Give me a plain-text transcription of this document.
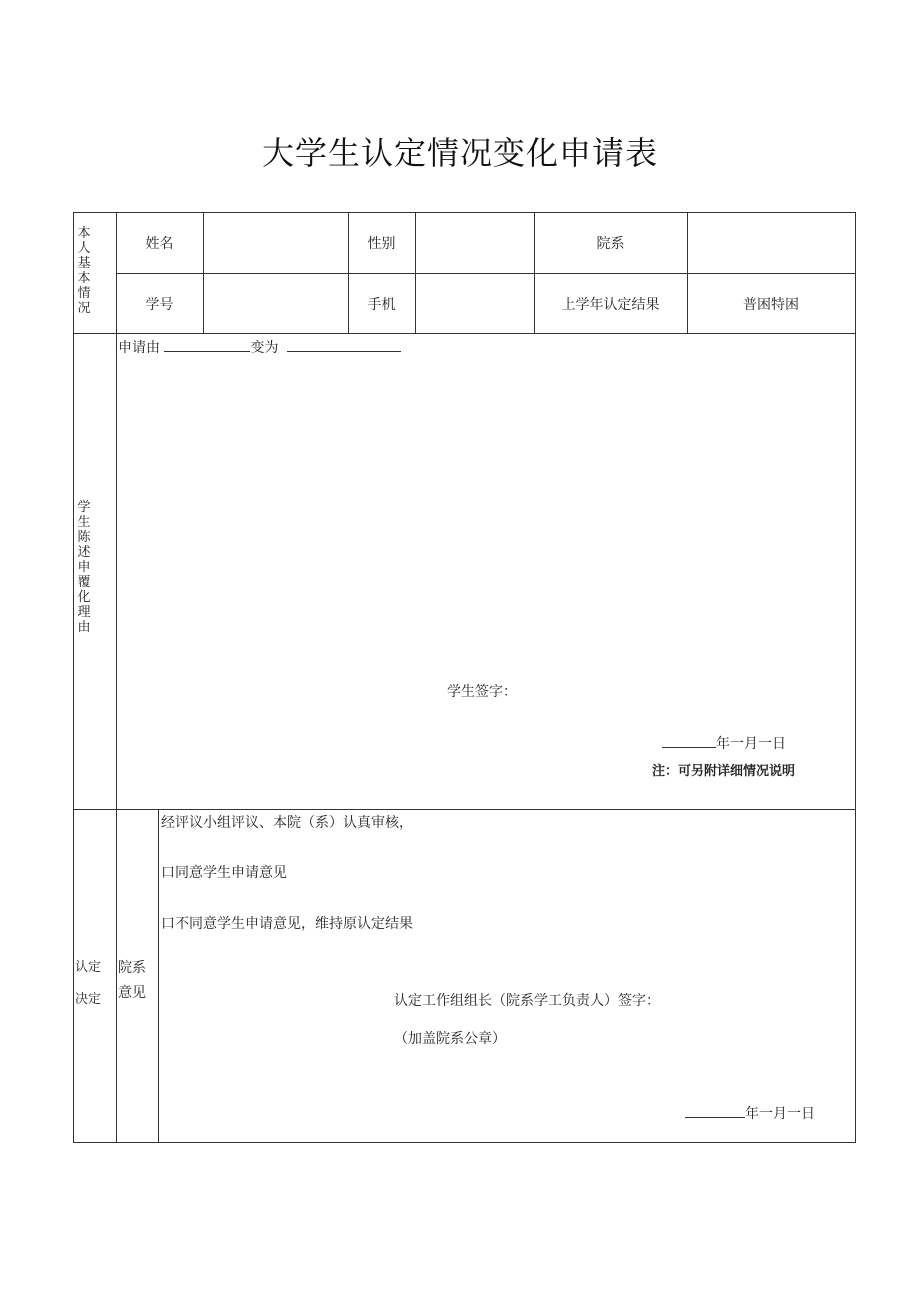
大学生认定情况变化申请表
本人基本情况
姓名	性别	院系
学号	手机	上学年认定结果	普困特困
学生陈述申覆化理由
申请由	变为
学生签字：
年一月一日
注：可另附详细情况说明
认定
决定
院系
意见
经评议小组评议、本院（系）认真审核，
口同意学生申请意见
口不同意学生申请意见，维持原认定结果
认定工作组组长（院系学工负责人）签字：
（加盖院系公章）
年一月一日
